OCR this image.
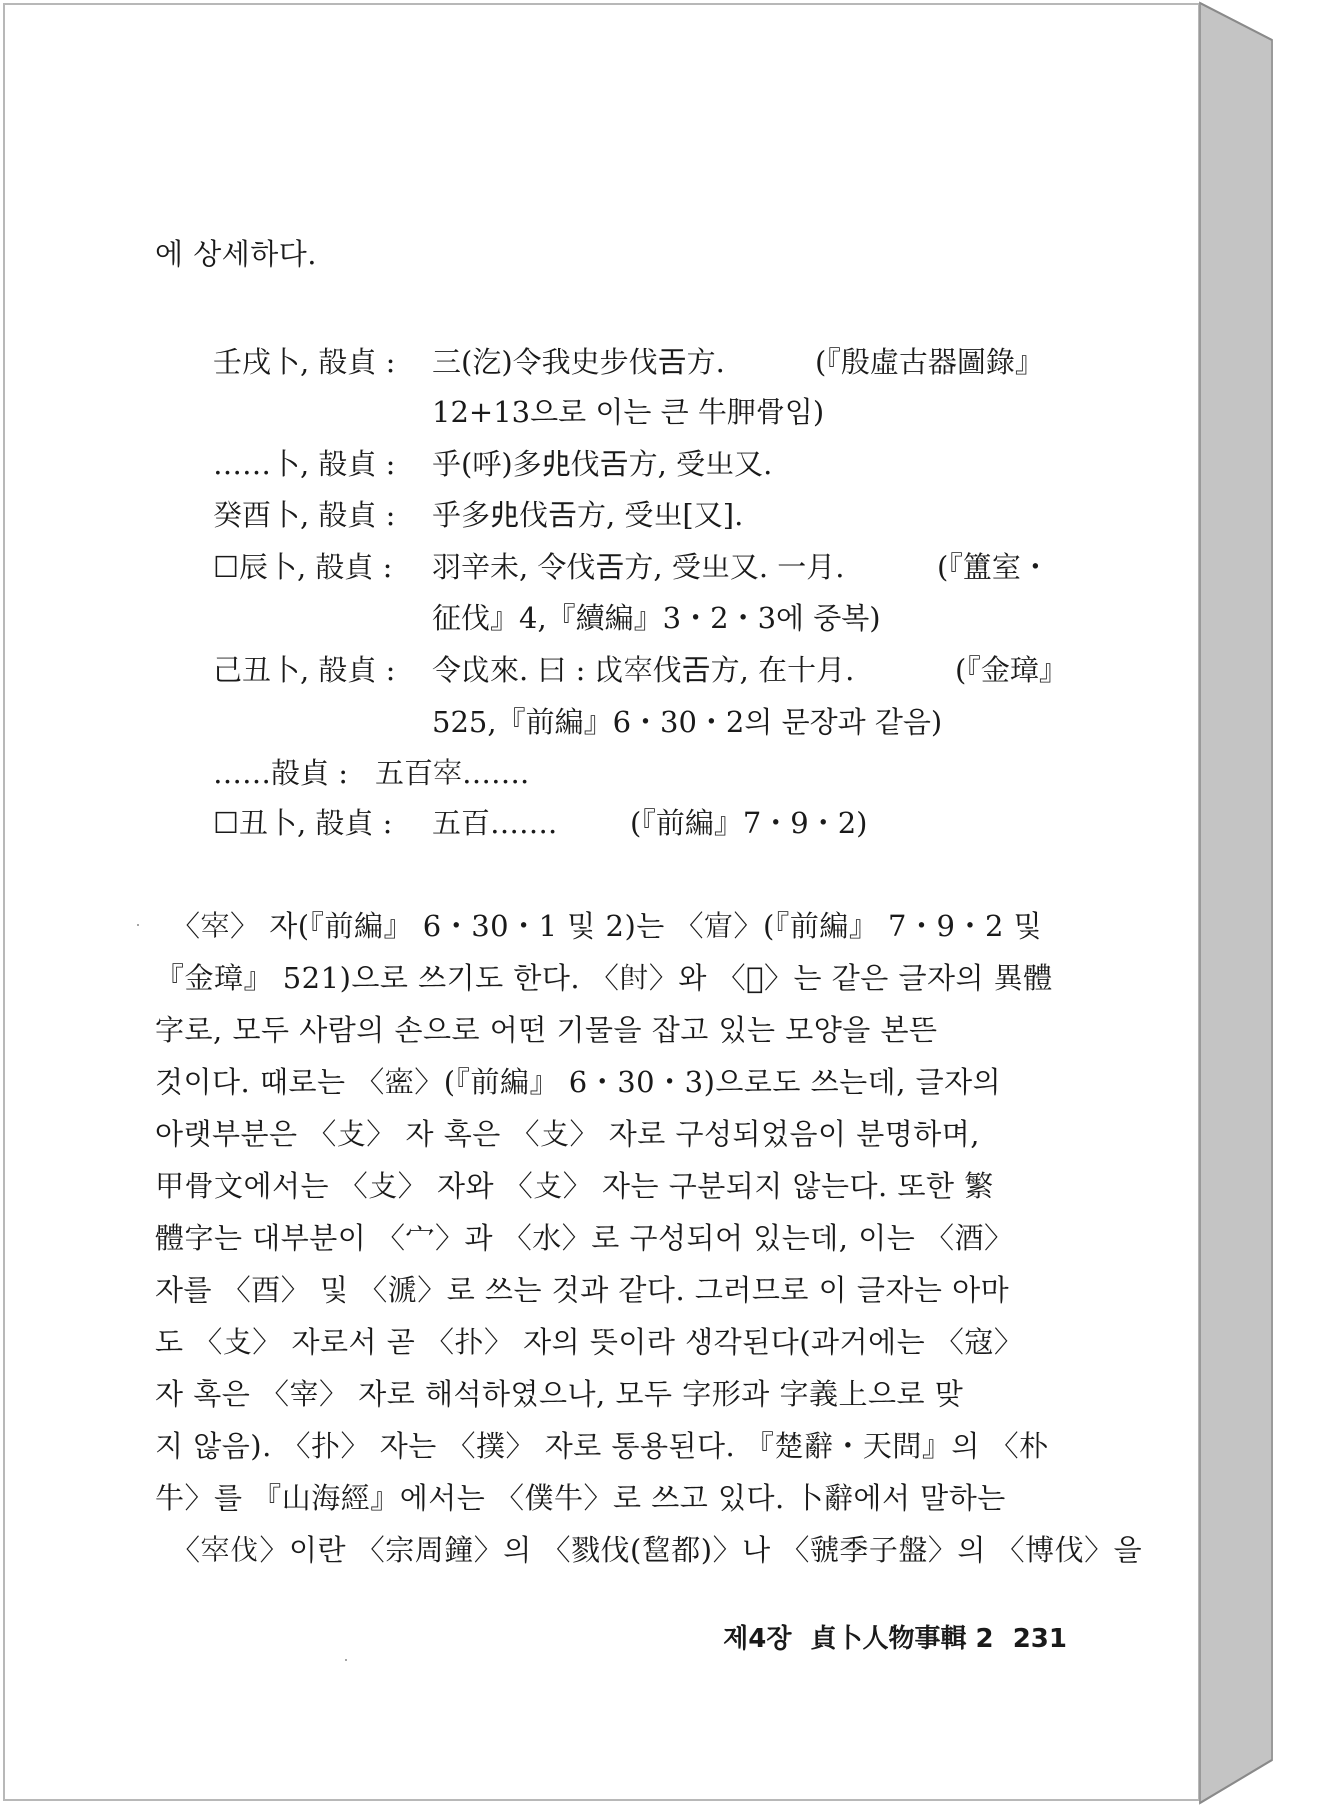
에 상세하다.
壬戌卜, 㱿貞 : 三(汔)令我史步伐𢀛方.	(『殷虛古器圖錄』
12+13으로 이는 큰 牛胛骨임)
……卜, 㱿貞 : 乎(呼)多𠑹伐𢀛方, 受㞢又.
癸酉卜, 㱿貞 : 乎多𠑹伐𢀛方, 受㞢[又].
☐辰卜, 㱿貞 : 羽辛未, 令伐𢀛方, 受㞢又. 一月.	(『簠室・
征伐』4,『續編』3・2・3에 중복)
己丑卜, 㱿貞 : 令戉來. 曰 : 戉𡨧伐𢀛方, 在十月.	(『金璋』
525,『前編』6・30・2의 문장과 같음)
……㱿貞 : 五百𡨧…….
☐丑卜, 㱿貞 : 五百…….	(『前編』7・9・2)
〈𡨧〉 자(『前編』 6・30・1 및 2)는 〈𡩏〉(『前編』 7・9・2 및
『金璋』 521)으로 쓰기도 한다. 〈𡬠〉와 〈𡬞〉는 같은 글자의 異體
字로, 모두 사람의 손으로 어떤 기물을 잡고 있는 모양을 본뜬
것이다. 때로는 〈𡪖〉(『前編』 6・30・3)으로도 쓰는데, 글자의
아랫부분은 〈攴〉 자 혹은 〈攴〉 자로 구성되었음이 분명하며,
甲骨文에서는 〈攴〉 자와 〈攴〉 자는 구분되지 않는다. 또한 繁
體字는 대부분이 〈宀〉과 〈水〉로 구성되어 있는데, 이는 〈酒〉
자를 〈酉〉 및 〈㴲〉로 쓰는 것과 같다. 그러므로 이 글자는 아마
도 〈攴〉 자로서 곧 〈扑〉 자의 뜻이라 생각된다(과거에는 〈寇〉
자 혹은 〈宰〉 자로 해석하였으나, 모두 字形과 字義上으로 맞
지 않음). 〈扑〉 자는 〈撲〉 자로 통용된다. 『楚辭・天問』의 〈朴
牛〉를 『山海經』에서는 〈僕牛〉로 쓰고 있다. 卜辭에서 말하는
〈𡨧伐〉이란 〈宗周鐘〉의 〈戮伐(𨛫都)〉나 〈虢季子盤〉의 〈博伐〉을
제4장 貞卜人物事輯 2 231
